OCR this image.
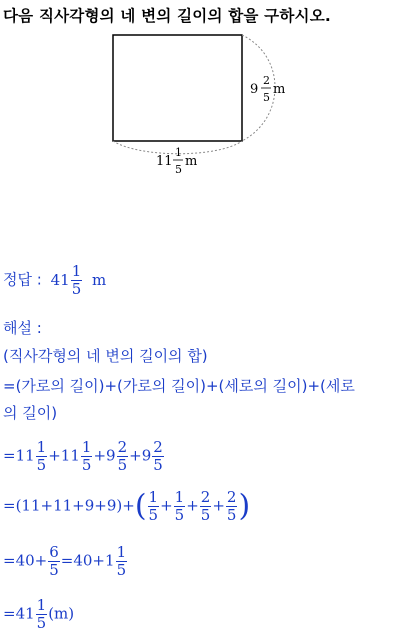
다음 직사각형의 네 변의 길이의 합을 구하시오.
9
2
5
m
11
1
5
m
정답 : $41 \frac{1}{5}$ m
해설 :
(직사각형의 네 변의 길이의 합)
=(가로의 길이)+(가로의 길이)+(세로의 길이)+(세로
의 길이)
$=11 \frac{1}{5} +11 \frac{1}{5} +9 \frac{2}{5} +9 \frac{2}{5}$
$=(11+11+9+9)+( \frac{1}{5} + \frac{1}{5} + \frac{2}{5} + \frac{2}{5}$ )
$=40+ \frac{6}{5} =40+1 \frac{1}{5}$
$=41 \frac{1}{5} (m)$
